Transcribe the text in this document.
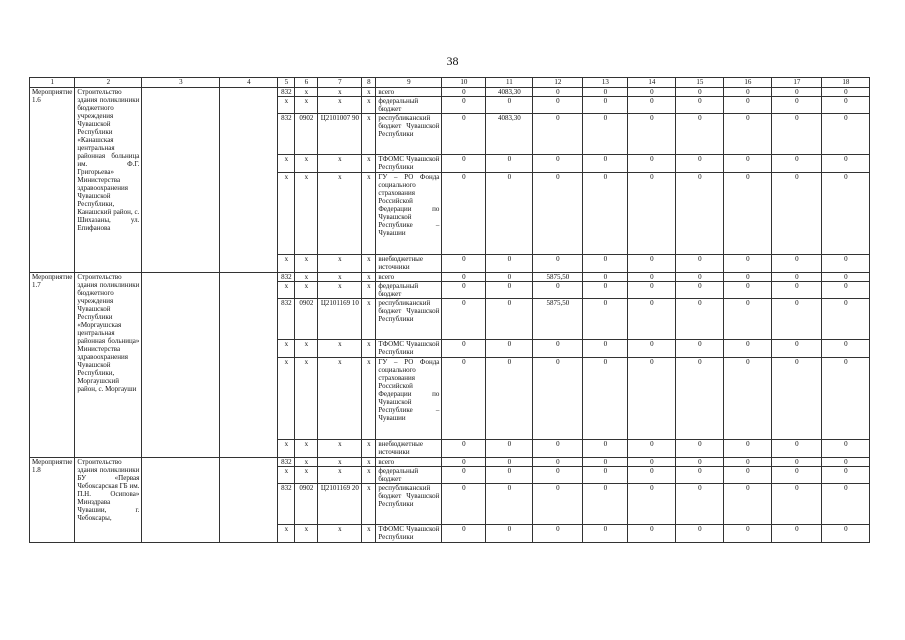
38
1	2	3	4	5	6	7	8	9	10	11	12	13	14	15	16	17	18
Мероприятие 1.6	Строительство здания поликлиники бюджетного учреждения Чувашской Республики «Канашская центральная районная больница им. Ф.Г. Григорьева» Министерства здравоохранения Чувашской Республики, Канашский район, с. Шихазаны, ул. Епифанова			832	x	x	x	всего	0	4083,30	0	0	0	0	0	0	0
				x	x	x	x	федеральный бюджет	0	0	0	0	0	0	0	0	0
				832	0902	Ц2101007 90	x	республиканский бюджет Чувашской Республики	0	4083,30	0	0	0	0	0	0	0
				x	x	x	x	ТФОМС Чувашской Республики	0	0	0	0	0	0	0	0	0
				x	x	x	x	ГУ – РО Фонда социального страхования Российской Федерации по Чувашской Республике – Чувашии	0	0	0	0	0	0	0	0	0
				x	x	x	x	внебюджетные источники	0	0	0	0	0	0	0	0	0
Мероприятие 1.7	Строительство здания поликлиники бюджетного учреждения Чувашской Республики «Моргаушская центральная районная больница» Министерства здравоохранения Чувашской Республики, Моргаушский район, с. Моргауши			832	x	x	x	всего	0	0	5875,50	0	0	0	0	0	0
				x	x	x	x	федеральный бюджет	0	0	0	0	0	0	0	0	0
				832	0902	Ц2101169 10	x	республиканский бюджет Чувашской Республики	0	0	5875,50	0	0	0	0	0	0
				x	x	x	x	ТФОМС Чувашской Республики	0	0	0	0	0	0	0	0	0
				x	x	x	x	ГУ – РО Фонда социального страхования Российской Федерации по Чувашской Республике – Чувашии	0	0	0	0	0	0	0	0	0
				x	x	x	x	внебюджетные источники	0	0	0	0	0	0	0	0	0
Мероприятие 1.8	Строительство здания поликлиники БУ «Первая Чебоксарская ГБ им. П.Н. Осипова» Минздрава Чувашии, г. Чебоксары,			832	x	x	x	всего	0	0	0	0	0	0	0	0	0
				x	x	x	x	федеральный бюджет	0	0	0	0	0	0	0	0	0
				832	0902	Ц2101169 20	x	республиканский бюджет Чувашской Республики	0	0	0	0	0	0	0	0	0
				x	x	x	x	ТФОМС Чувашской Республики	0	0	0	0	0	0	0	0	0
